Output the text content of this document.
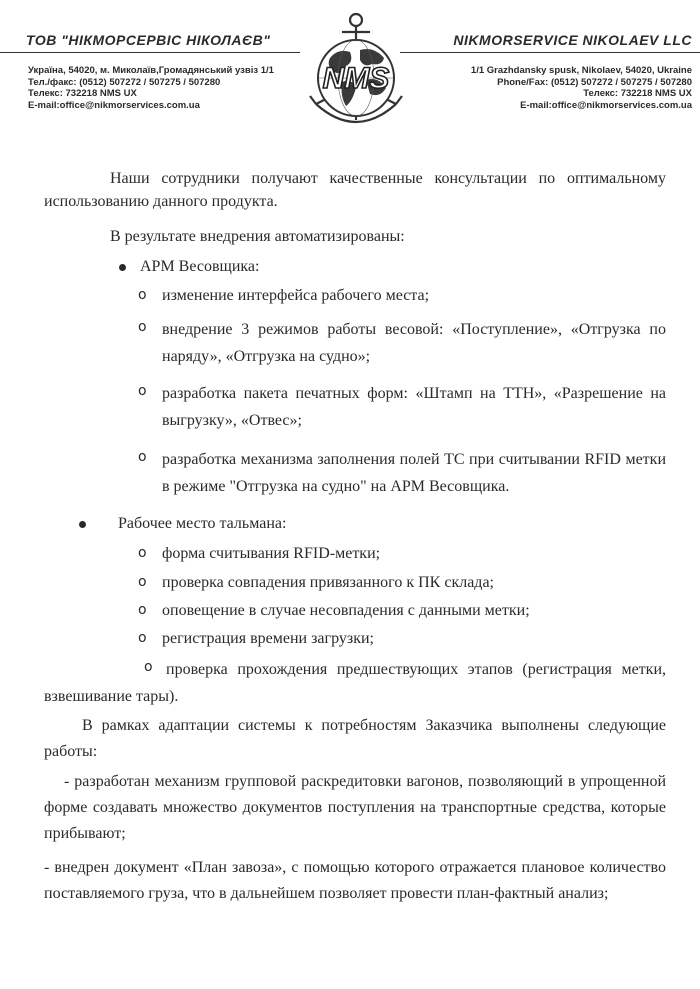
ТОВ "НІКМОРСЕРВІС НІКОЛАЄВ"
Україна, 54020, м. Миколаїв,Громадянський узвіз 1/1
Тел./факс: (0512) 507272 / 507275 / 507280
Телекс: 732218 NMS UX
E-mail:office@nikmorservices.com.ua
NMS
NIKMORSERVICE NIKOLAEV LLC
1/1 Grazhdansky spusk, Nikolaev, 54020, Ukraine
Phone/Fax: (0512) 507272 / 507275 / 507280
Телекс: 732218 NMS UX
E-mail:office@nikmorservices.com.ua
Наши сотрудники получают качественные консультации по оптимальному использованию данного продукта.
В результате внедрения автоматизированы:
АРМ Весовщика:
o изменение интерфейса рабочего места;
o внедрение 3 режимов работы весовой: «Поступление», «Отгрузка по наряду», «Отгрузка на судно»;
o разработка пакета печатных форм: «Штамп на ТТН», «Разрешение на выгрузку», «Отвес»;
o разработка механизма заполнения полей ТС при считывании RFID метки в режиме "Отгрузка на судно" на АРМ Весовщика.
Рабочее место тальмана:
o форма считывания RFID-метки;
o проверка совпадения привязанного к ПК склада;
o оповещение в случае несовпадения с данными метки;
o регистрация времени загрузки;
o проверка прохождения предшествующих этапов (регистрация метки, взвешивание тары).
В рамках адаптации системы к потребностям Заказчика выполнены следующие работы:
- разработан механизм групповой раскредитовки вагонов, позволяющий в упрощенной форме создавать множество документов поступления на транспортные средства, которые прибывают;
- внедрен документ «План завоза», с помощью которого отражается плановое количество поставляемого груза, что в дальнейшем позволяет провести план-фактный анализ;
